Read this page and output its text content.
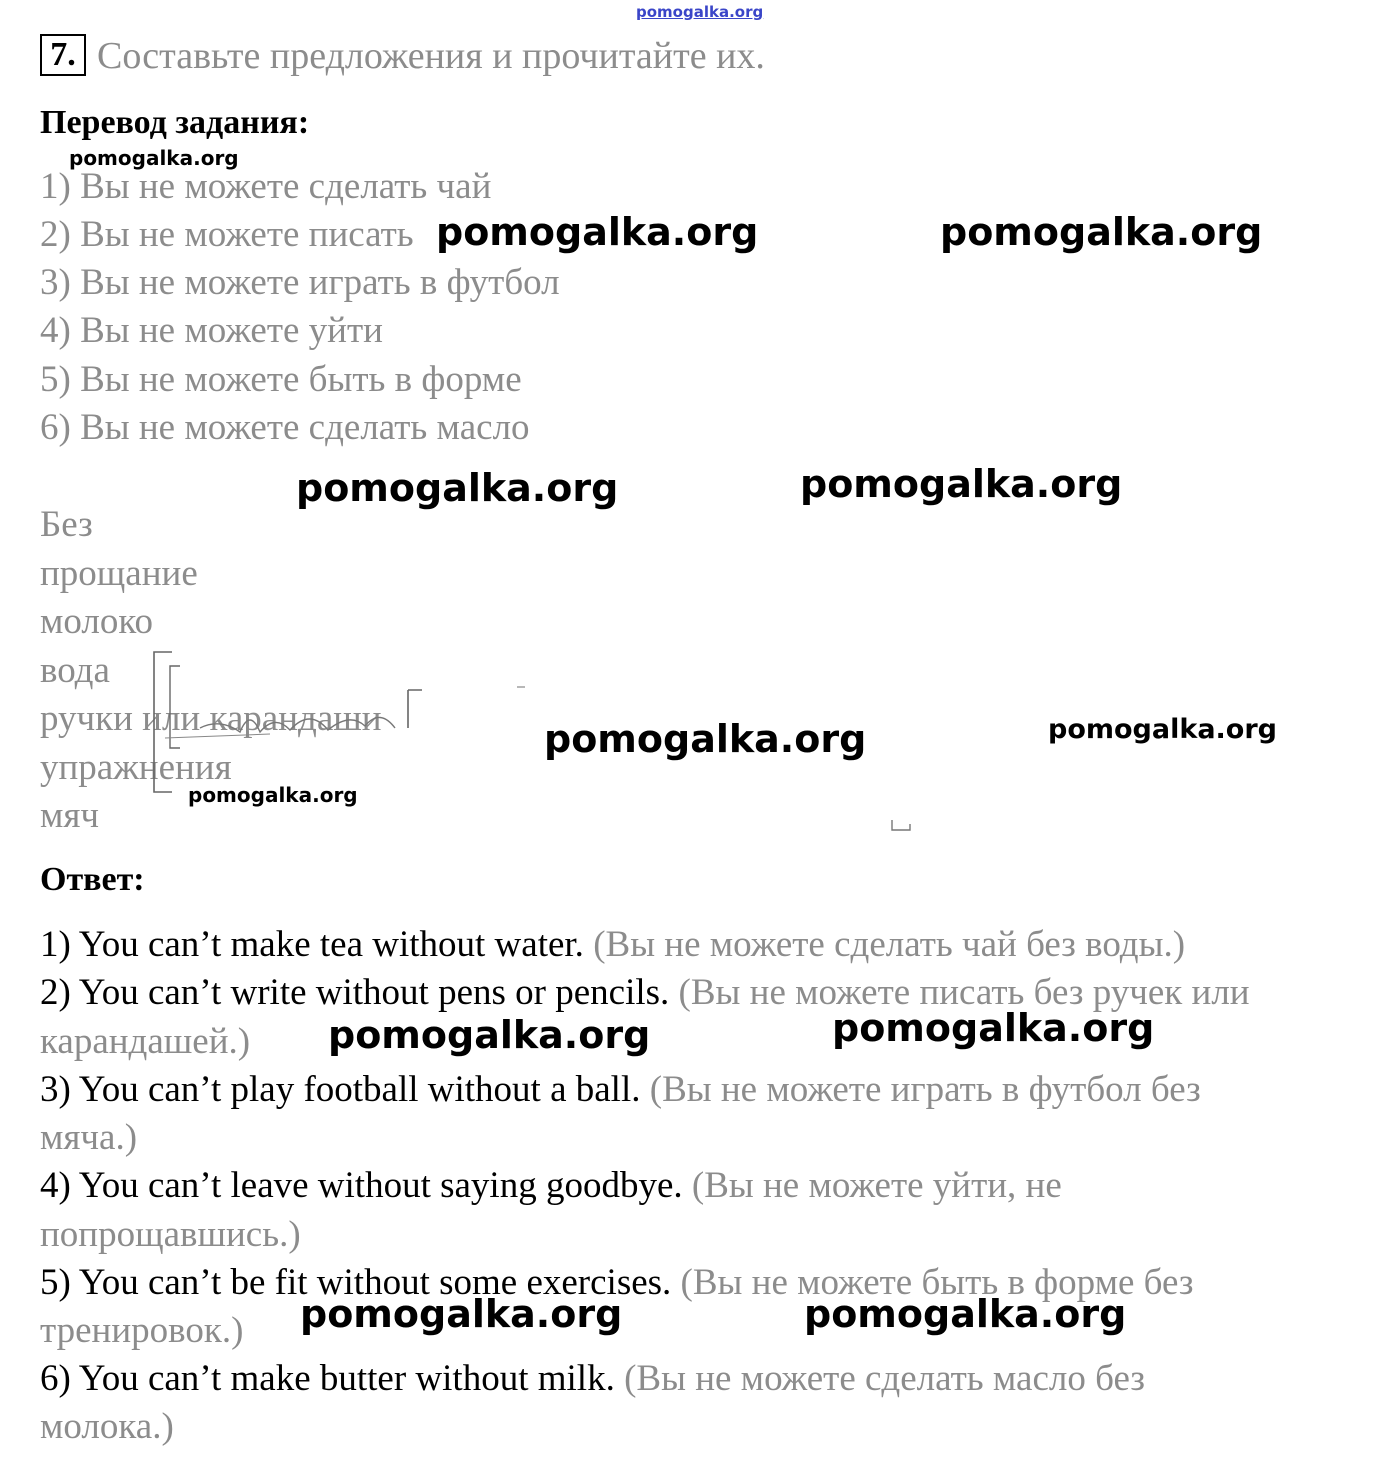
pomogalka.org
7. Составьте предложения и прочитайте их.
Перевод задания:
pomogalka.org
1) Вы не можете сделать чай
2) Вы не можете писать
3) Вы не можете играть в футбол
4) Вы не можете уйти
5) Вы не можете быть в форме
6) Вы не можете сделать масло
pomogalka.org	pomogalka.org
pomogalka.org	pomogalka.org
Без
прощание
молоко
вода
ручки или карандаши
упражнения
мяч
pomogalka.org	pomogalka.org
pomogalka.org
Ответ:
1) You can’t make tea without water. (Вы не можете сделать чай без воды.)
2) You can’t write without pens or pencils. (Вы не можете писать без ручек или
карандашей.)
3) You can’t play football without a ball. (Вы не можете играть в футбол без
мяча.)
4) You can’t leave without saying goodbye. (Вы не можете уйти, не
попрощавшись.)
5) You can’t be fit without some exercises. (Вы не можете быть в форме без
тренировок.)
6) You can’t make butter without milk. (Вы не можете сделать масло без
молока.)
pomogalka.org	pomogalka.org
pomogalka.org	pomogalka.org
